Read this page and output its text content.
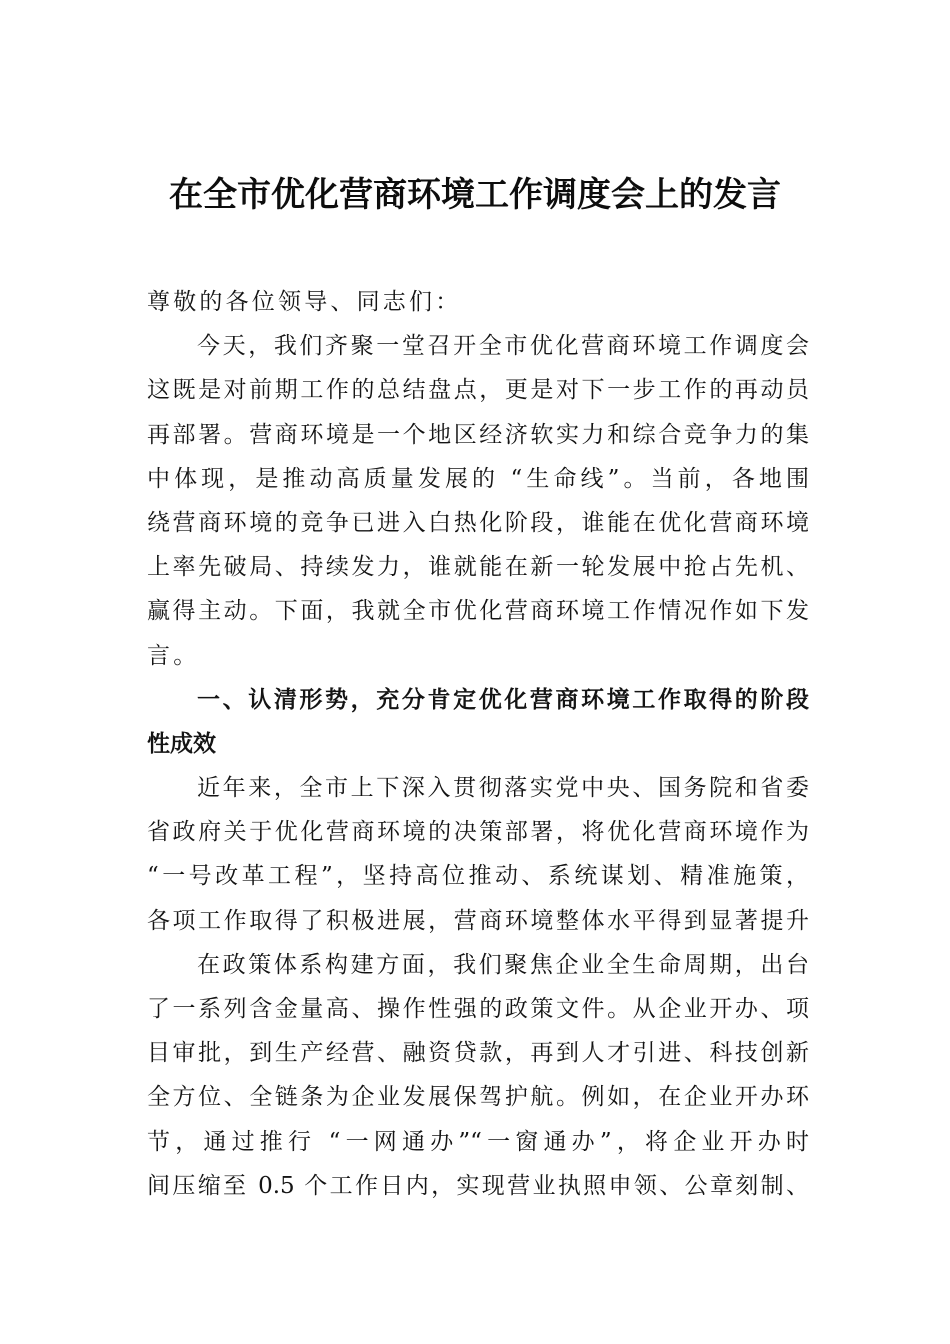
在全市优化营商环境工作调度会上的发言
尊敬的各位领导、同志们：
今天，我们齐聚一堂召开全市优化营商环境工作调度会
这既是对前期工作的总结盘点，更是对下一步工作的再动员
再部署。营商环境是一个地区经济软实力和综合竞争力的集
中体现，是推动高质量发展的 “生命线”。当前，各地围
绕营商环境的竞争已进入白热化阶段，谁能在优化营商环境
上率先破局、持续发力，谁就能在新一轮发展中抢占先机、
赢得主动。下面，我就全市优化营商环境工作情况作如下发
言。
一、认清形势，充分肯定优化营商环境工作取得的阶段
性成效
近年来，全市上下深入贯彻落实党中央、国务院和省委
省政府关于优化营商环境的决策部署，将优化营商环境作为
“一号改革工程”，坚持高位推动、系统谋划、精准施策，
各项工作取得了积极进展，营商环境整体水平得到显著提升
在政策体系构建方面，我们聚焦企业全生命周期，出台
了一系列含金量高、操作性强的政策文件。从企业开办、项
目审批，到生产经营、融资贷款，再到人才引进、科技创新
全方位、全链条为企业发展保驾护航。例如，在企业开办环
节，通过推行 “一网通办”“一窗通办”，将企业开办时
间压缩至 0.5 个工作日内，实现营业执照申领、公章刻制、
